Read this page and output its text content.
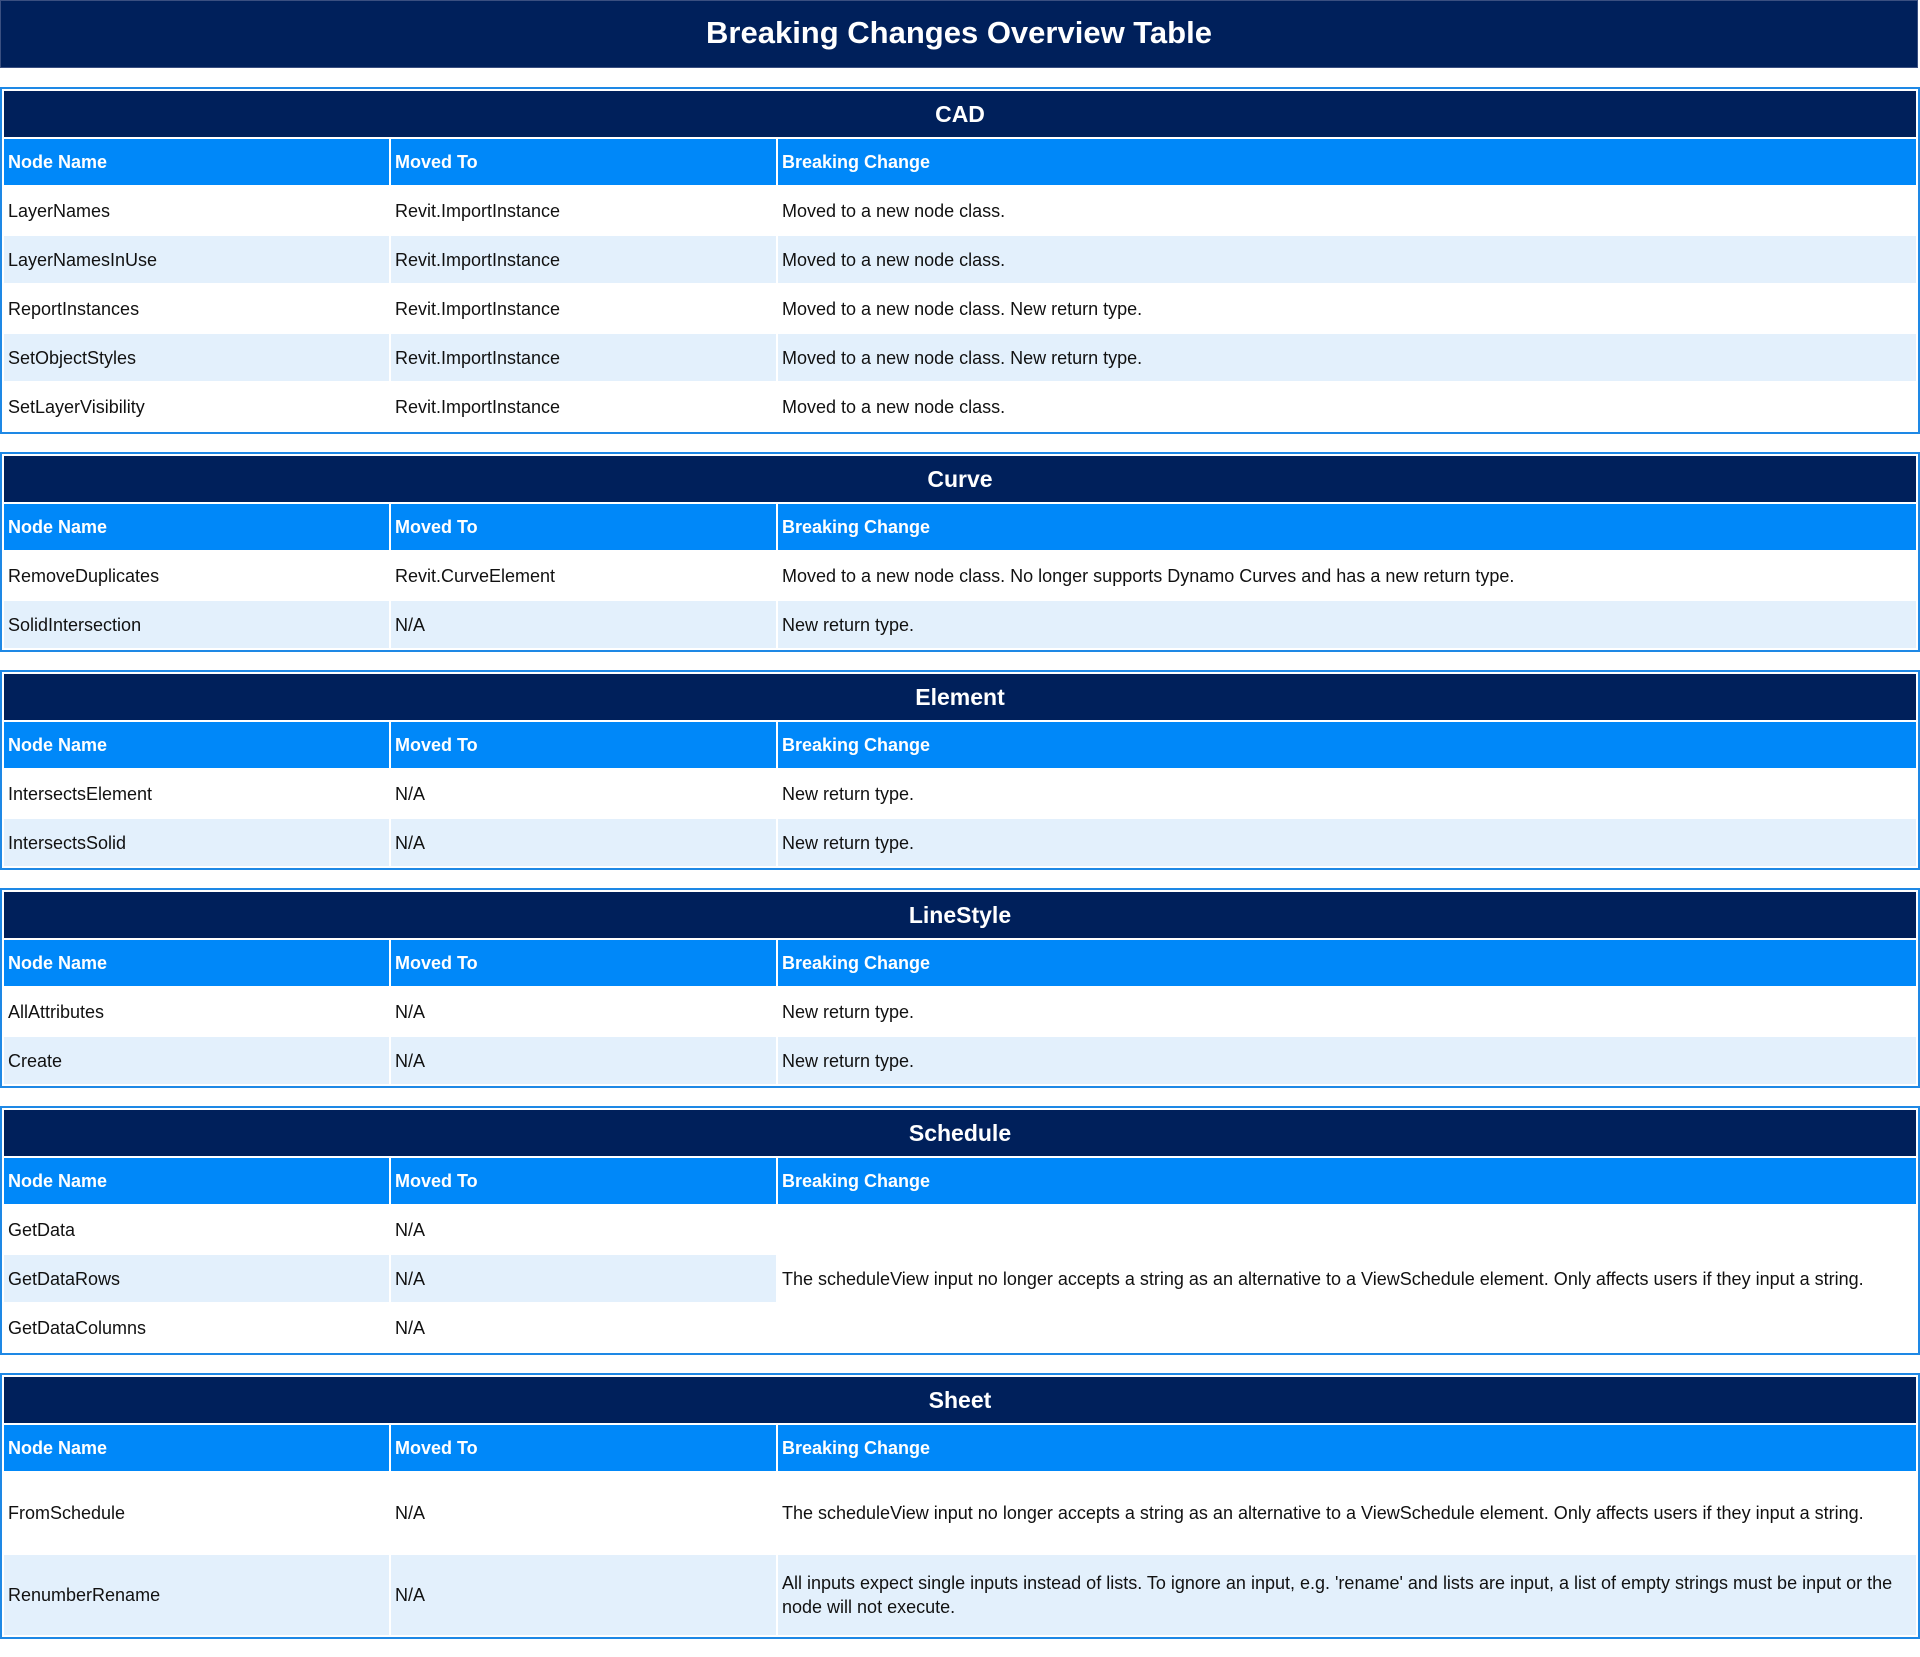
Breaking Changes Overview Table
CAD		
Node Name	Moved To	Breaking Change
LayerNames	Revit.ImportInstance	Moved to a new node class.
LayerNamesInUse	Revit.ImportInstance	Moved to a new node class.
ReportInstances	Revit.ImportInstance	Moved to a new node class. New return type.
SetObjectStyles	Revit.ImportInstance	Moved to a new node class. New return type.
SetLayerVisibility	Revit.ImportInstance	Moved to a new node class.
Curve		
Node Name	Moved To	Breaking Change
RemoveDuplicates	Revit.CurveElement	Moved to a new node class. No longer supports Dynamo Curves and has a new return type.
SolidIntersection	N/A	New return type.
Element		
Node Name	Moved To	Breaking Change
IntersectsElement	N/A	New return type.
IntersectsSolid	N/A	New return type.
LineStyle		
Node Name	Moved To	Breaking Change
AllAttributes	N/A	New return type.
Create	N/A	New return type.
Schedule		
Node Name	Moved To	Breaking Change
GetData	N/A	The scheduleView input no longer accepts a string as an alternative to a ViewSchedule element. Only affects users if they input a string.
GetDataRows	N/A	
GetDataColumns	N/A	
Sheet		
Node Name	Moved To	Breaking Change
FromSchedule	N/A	The scheduleView input no longer accepts a string as an alternative to a ViewSchedule element. Only affects users if they input a string.
RenumberRename	N/A	All inputs expect single inputs instead of lists. To ignore an input, e.g. 'rename' and lists are input, a list of empty strings must be input or the node will not execute.
